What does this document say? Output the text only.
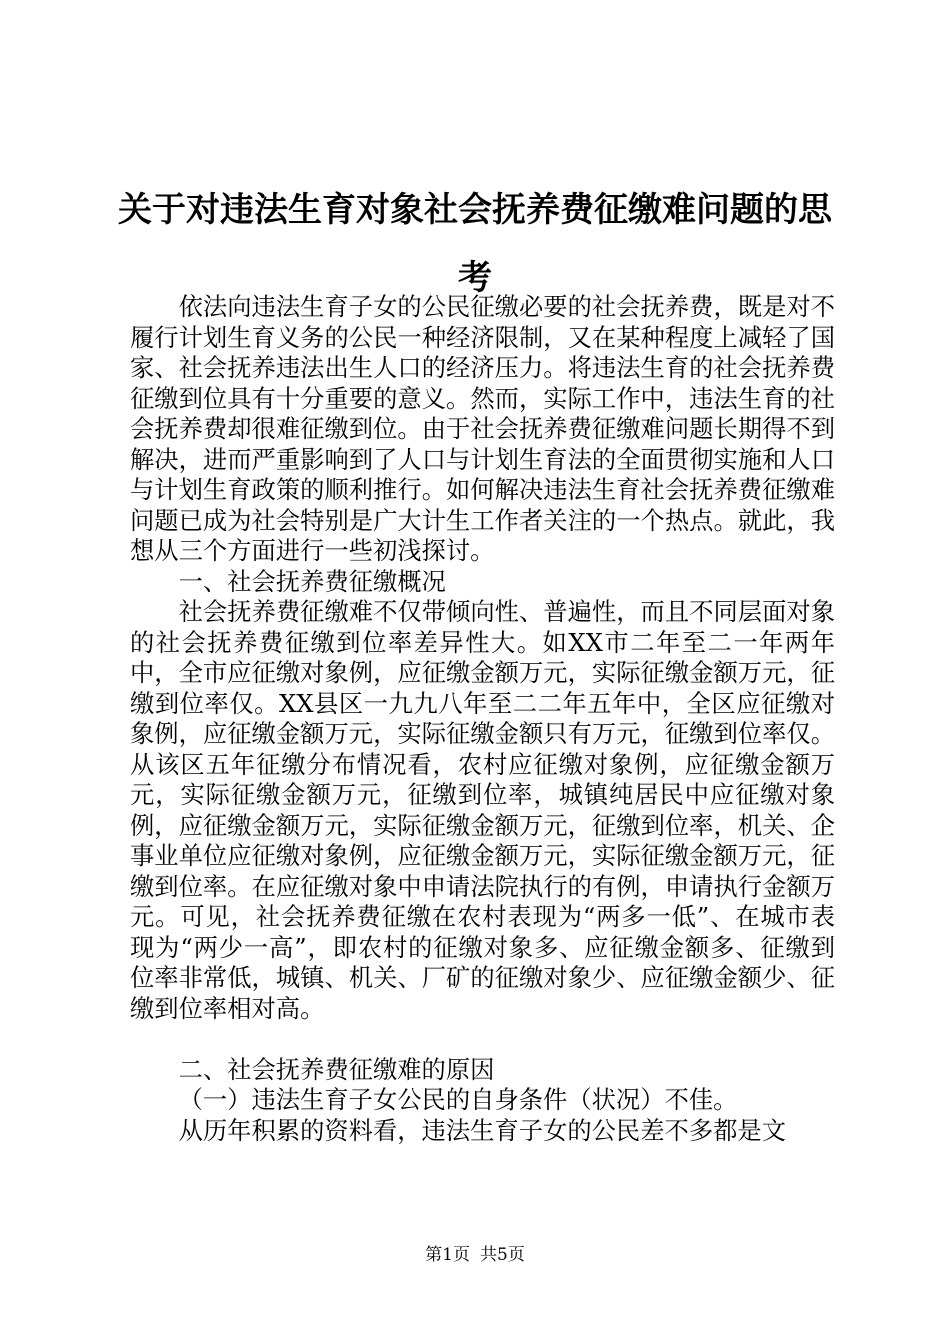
关于对违法生育对象社会抚养费征缴难问题的思考

依法向违法生育子女的公民征缴必要的社会抚养费，既是对不履行计划生育义务的公民一种经济限制，又在某种程度上减轻了国家、社会抚养违法出生人口的经济压力。将违法生育的社会抚养费征缴到位具有十分重要的意义。然而，实际工作中，违法生育的社会抚养费却很难征缴到位。由于社会抚养费征缴难问题长期得不到解决，进而严重影响到了人口与计划生育法的全面贯彻实施和人口与计划生育政策的顺利推行。如何解决违法生育社会抚养费征缴难问题已成为社会特别是广大计生工作者关注的一个热点。就此，我想从三个方面进行一些初浅探讨。

一、社会抚养费征缴概况

社会抚养费征缴难不仅带倾向性、普遍性，而且不同层面对象的社会抚养费征缴到位率差异性大。如XX市二年至二一年两年中，全市应征缴对象例，应征缴金额万元，实际征缴金额万元，征缴到位率仅。XX县区一九九八年至二二年五年中，全区应征缴对象例，应征缴金额万元，实际征缴金额只有万元，征缴到位率仅。从该区五年征缴分布情况看，农村应征缴对象例，应征缴金额万元，实际征缴金额万元，征缴到位率，城镇纯居民中应征缴对象例，应征缴金额万元，实际征缴金额万元，征缴到位率，机关、企事业单位应征缴对象例，应征缴金额万元，实际征缴金额万元，征缴到位率。在应征缴对象中申请法院执行的有例，申请执行金额万元。可见，社会抚养费征缴在农村表现为“两多一低”、在城市表现为“两少一高”，即农村的征缴对象多、应征缴金额多、征缴到位率非常低，城镇、机关、厂矿的征缴对象少、应征缴金额少、征缴到位率相对高。

二、社会抚养费征缴难的原因

（一）违法生育子女公民的自身条件（状况）不佳。

从历年积累的资料看，违法生育子女的公民差不多都是文

第1页 共5页
